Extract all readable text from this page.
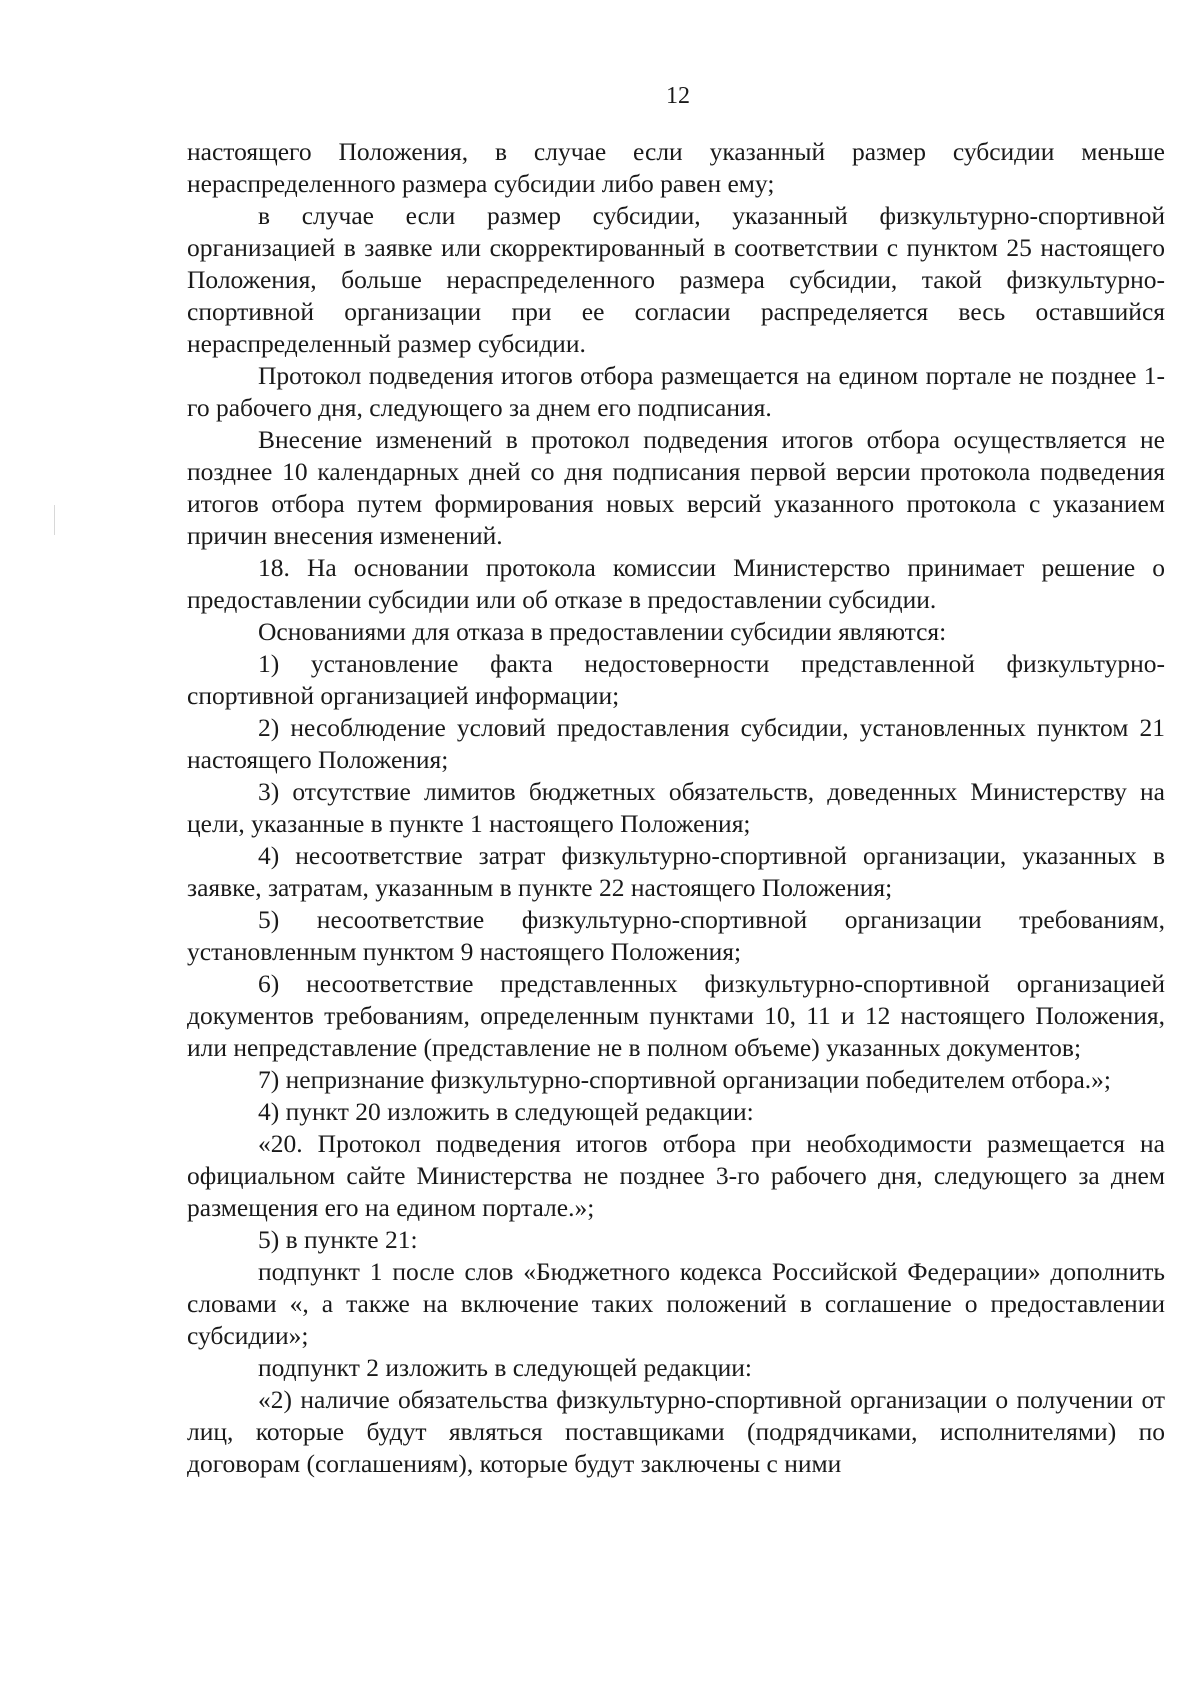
12

настоящего Положения, в случае если указанный размер субсидии меньше нераспределенного размера субсидии либо равен ему;

в случае если размер субсидии, указанный физкультурно-спортивной организацией в заявке или скорректированный в соответствии с пунктом 25 настоящего Положения, больше нераспределенного размера субсидии, такой физкультурно-спортивной организации при ее согласии распределяется весь оставшийся нераспределенный размер субсидии.

Протокол подведения итогов отбора размещается на едином портале не позднее 1-го рабочего дня, следующего за днем его подписания.

Внесение изменений в протокол подведения итогов отбора осуществляется не позднее 10 календарных дней со дня подписания первой версии протокола подведения итогов отбора путем формирования новых версий указанного протокола с указанием причин внесения изменений.

18. На основании протокола комиссии Министерство принимает решение о предоставлении субсидии или об отказе в предоставлении субсидии.

Основаниями для отказа в предоставлении субсидии являются:

1) установление факта недостоверности представленной физкультурно-спортивной организацией информации;

2) несоблюдение условий предоставления субсидии, установленных пунктом 21 настоящего Положения;

3) отсутствие лимитов бюджетных обязательств, доведенных Министерству на цели, указанные в пункте 1 настоящего Положения;

4) несоответствие затрат физкультурно-спортивной организации, указанных в заявке, затратам, указанным в пункте 22 настоящего Положения;

5) несоответствие физкультурно-спортивной организации требованиям, установленным пунктом 9 настоящего Положения;

6) несоответствие представленных физкультурно-спортивной организацией документов требованиям, определенным пунктами 10, 11 и 12 настоящего Положения, или непредставление (представление не в полном объеме) указанных документов;

7) непризнание физкультурно-спортивной организации победителем отбора.»;

4) пункт 20 изложить в следующей редакции:

«20. Протокол подведения итогов отбора при необходимости размещается на официальном сайте Министерства не позднее 3-го рабочего дня, следующего за днем размещения его на едином портале.»;

5) в пункте 21:

подпункт 1 после слов «Бюджетного кодекса Российской Федерации» дополнить словами «, а также на включение таких положений в соглашение о предоставлении субсидии»;

подпункт 2 изложить в следующей редакции:

«2) наличие обязательства физкультурно-спортивной организации о получении от лиц, которые будут являться поставщиками (подрядчиками, исполнителями) по договорам (соглашениям), которые будут заключены с ними
